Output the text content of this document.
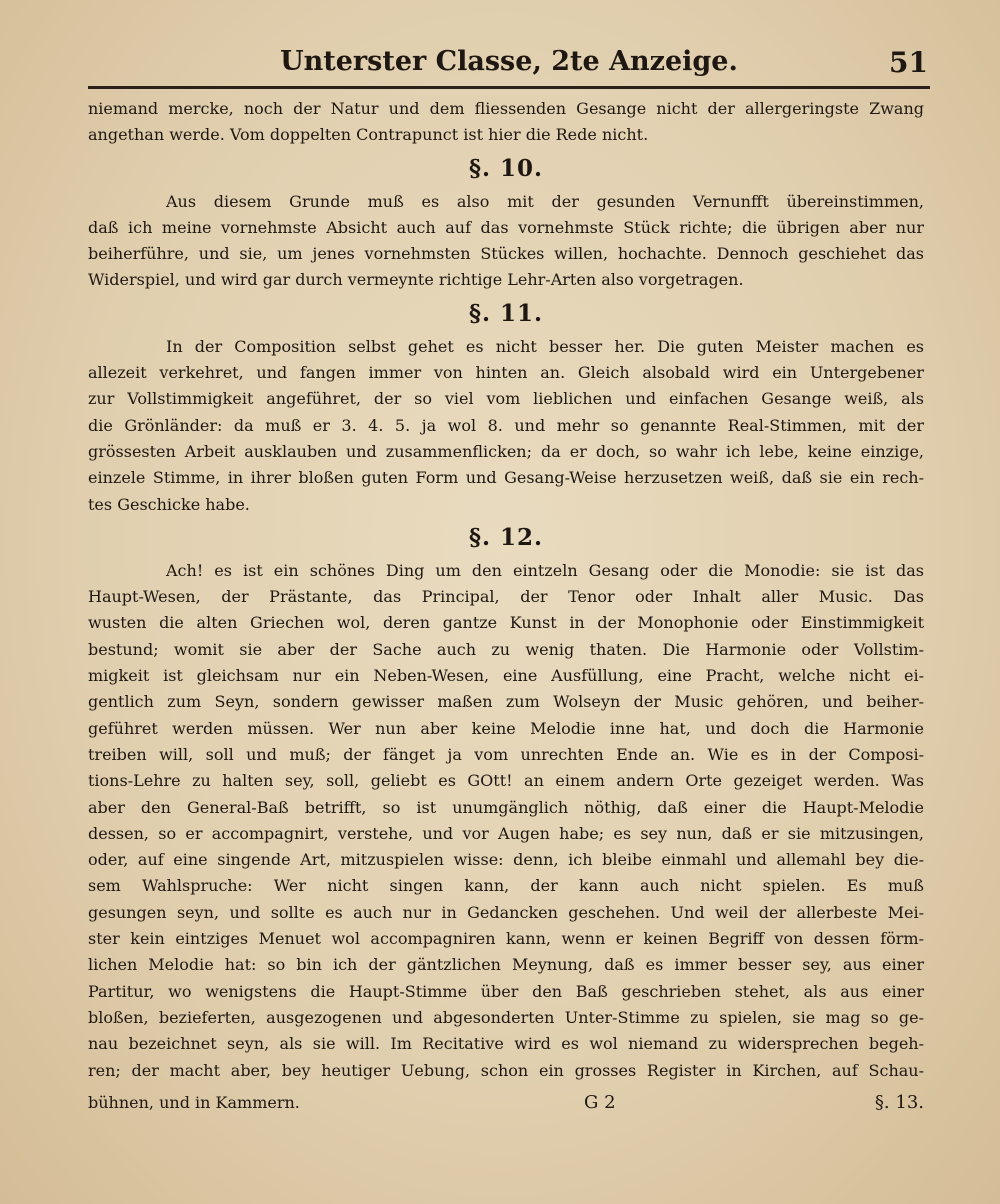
Unterster Classe, 2te Anzeige.	51
niemand mercke, noch der Natur und dem fliessenden Gesange nicht der allergeringste Zwang
angethan werde. Vom doppelten Contrapunct ist hier die Rede nicht.
§. 10.
Aus diesem Grunde muß es also mit der gesunden Vernunfft übereinstimmen,
daß ich meine vornehmste Absicht auch auf das vornehmste Stück richte; die übrigen aber nur
beiherführe, und sie, um jenes vornehmsten Stückes willen, hochachte. Dennoch geschiehet das
Widerspiel, und wird gar durch vermeynte richtige Lehr-Arten also vorgetragen.
§. 11.
In der Composition selbst gehet es nicht besser her. Die guten Meister machen es
allezeit verkehret, und fangen immer von hinten an. Gleich alsobald wird ein Untergebener
zur Vollstimmigkeit angeführet, der so viel vom lieblichen und einfachen Gesange weiß, als
die Grönländer: da muß er 3. 4. 5. ja wol 8. und mehr so genannte Real-Stimmen, mit der
grössesten Arbeit ausklauben und zusammenflicken; da er doch, so wahr ich lebe, keine einzige,
einzele Stimme, in ihrer bloßen guten Form und Gesang-Weise herzusetzen weiß, daß sie ein rech-
tes Geschicke habe.
§. 12.
Ach! es ist ein schönes Ding um den eintzeln Gesang oder die Monodie: sie ist das
Haupt-Wesen, der Prästante, das Principal, der Tenor oder Inhalt aller Music. Das
wusten die alten Griechen wol, deren gantze Kunst in der Monophonie oder Einstimmigkeit
bestund; womit sie aber der Sache auch zu wenig thaten. Die Harmonie oder Vollstim-
migkeit ist gleichsam nur ein Neben-Wesen, eine Ausfüllung, eine Pracht, welche nicht ei-
gentlich zum Seyn, sondern gewisser maßen zum Wolseyn der Music gehören, und beiher-
geführet werden müssen. Wer nun aber keine Melodie inne hat, und doch die Harmonie
treiben will, soll und muß; der fänget ja vom unrechten Ende an. Wie es in der Composi-
tions-Lehre zu halten sey, soll, geliebt es GOtt! an einem andern Orte gezeiget werden. Was
aber den General-Baß betrifft, so ist unumgänglich nöthig, daß einer die Haupt-Melodie
dessen, so er accompagnirt, verstehe, und vor Augen habe; es sey nun, daß er sie mitzusingen,
oder, auf eine singende Art, mitzuspielen wisse: denn, ich bleibe einmahl und allemahl bey die-
sem Wahlspruche: Wer nicht singen kann, der kann auch nicht spielen. Es muß
gesungen seyn, und sollte es auch nur in Gedancken geschehen. Und weil der allerbeste Mei-
ster kein eintziges Menuet wol accompagniren kann, wenn er keinen Begriff von dessen förm-
lichen Melodie hat: so bin ich der gäntzlichen Meynung, daß es immer besser sey, aus einer
Partitur, wo wenigstens die Haupt-Stimme über den Baß geschrieben stehet, als aus einer
bloßen, bezieferten, ausgezogenen und abgesonderten Unter-Stimme zu spielen, sie mag so ge-
nau bezeichnet seyn, als sie will. Im Recitative wird es wol niemand zu widersprechen begeh-
ren; der macht aber, bey heutiger Uebung, schon ein grosses Register in Kirchen, auf Schau-
bühnen, und in Kammern.	G 2	§. 13.
